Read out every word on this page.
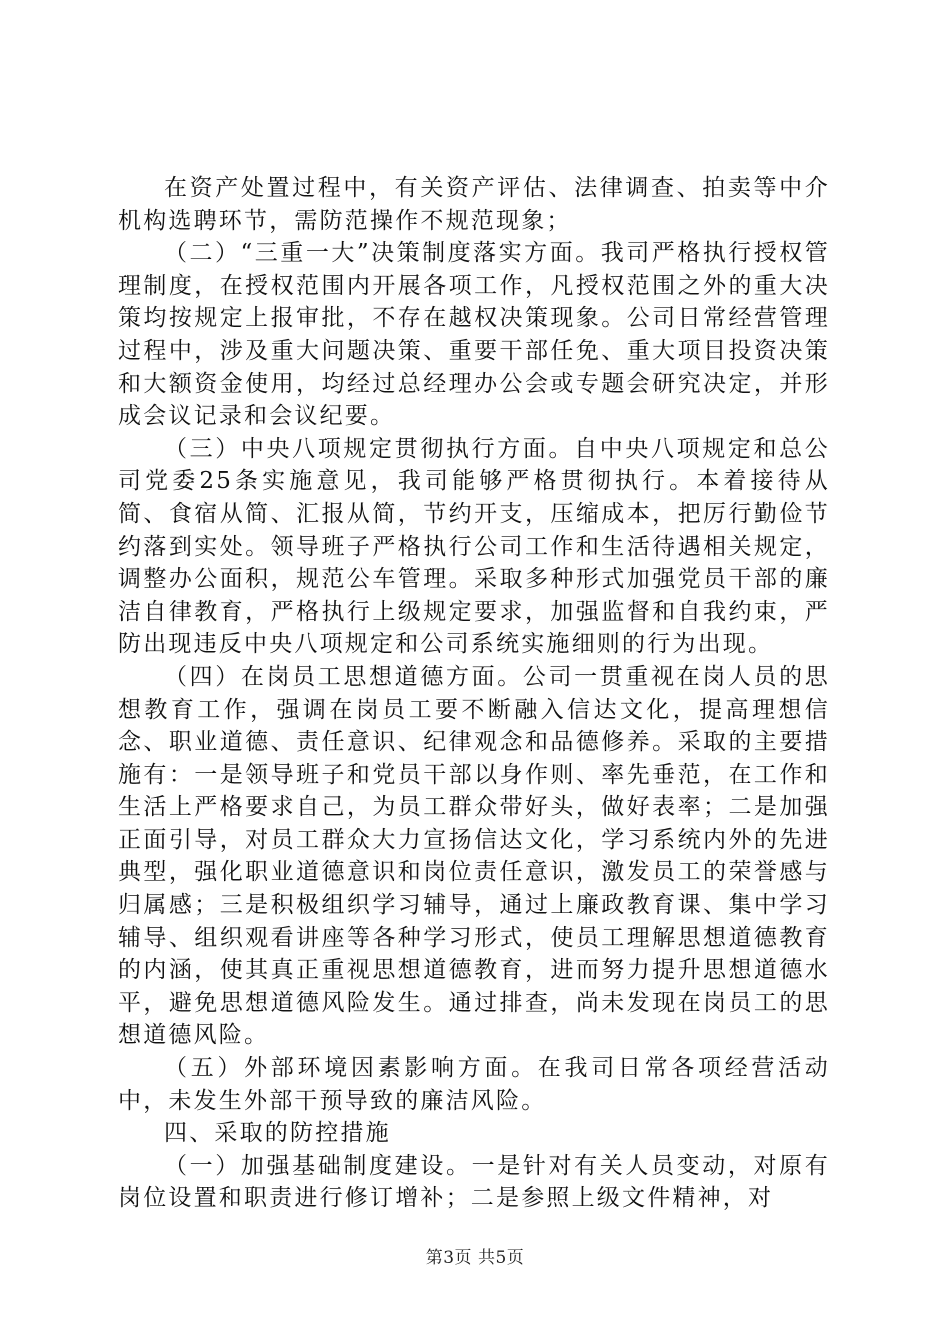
在资产处置过程中，有关资产评估、法律调查、拍卖等中介机构选聘环节，需防范操作不规范现象；

（二）“三重一大”决策制度落实方面。我司严格执行授权管理制度，在授权范围内开展各项工作，凡授权范围之外的重大决策均按规定上报审批，不存在越权决策现象。公司日常经营管理过程中，涉及重大问题决策、重要干部任免、重大项目投资决策和大额资金使用，均经过总经理办公会或专题会研究决定，并形成会议记录和会议纪要。

（三）中央八项规定贯彻执行方面。自中央八项规定和总公司党委25条实施意见，我司能够严格贯彻执行。本着接待从简、食宿从简、汇报从简，节约开支，压缩成本，把厉行勤俭节约落到实处。领导班子严格执行公司工作和生活待遇相关规定，调整办公面积，规范公车管理。采取多种形式加强党员干部的廉洁自律教育，严格执行上级规定要求，加强监督和自我约束，严防出现违反中央八项规定和公司系统实施细则的行为出现。

（四）在岗员工思想道德方面。公司一贯重视在岗人员的思想教育工作，强调在岗员工要不断融入信达文化，提高理想信念、职业道德、责任意识、纪律观念和品德修养。采取的主要措施有：一是领导班子和党员干部以身作则、率先垂范，在工作和生活上严格要求自己，为员工群众带好头，做好表率；二是加强正面引导，对员工群众大力宣扬信达文化，学习系统内外的先进典型，强化职业道德意识和岗位责任意识，激发员工的荣誉感与归属感；三是积极组织学习辅导，通过上廉政教育课、集中学习辅导、组织观看讲座等各种学习形式，使员工理解思想道德教育的内涵，使其真正重视思想道德教育，进而努力提升思想道德水平，避免思想道德风险发生。通过排查，尚未发现在岗员工的思想道德风险。

（五）外部环境因素影响方面。在我司日常各项经营活动中，未发生外部干预导致的廉洁风险。

四、采取的防控措施

（一）加强基础制度建设。一是针对有关人员变动，对原有岗位设置和职责进行修订增补；二是参照上级文件精神，对

第3页 共5页
